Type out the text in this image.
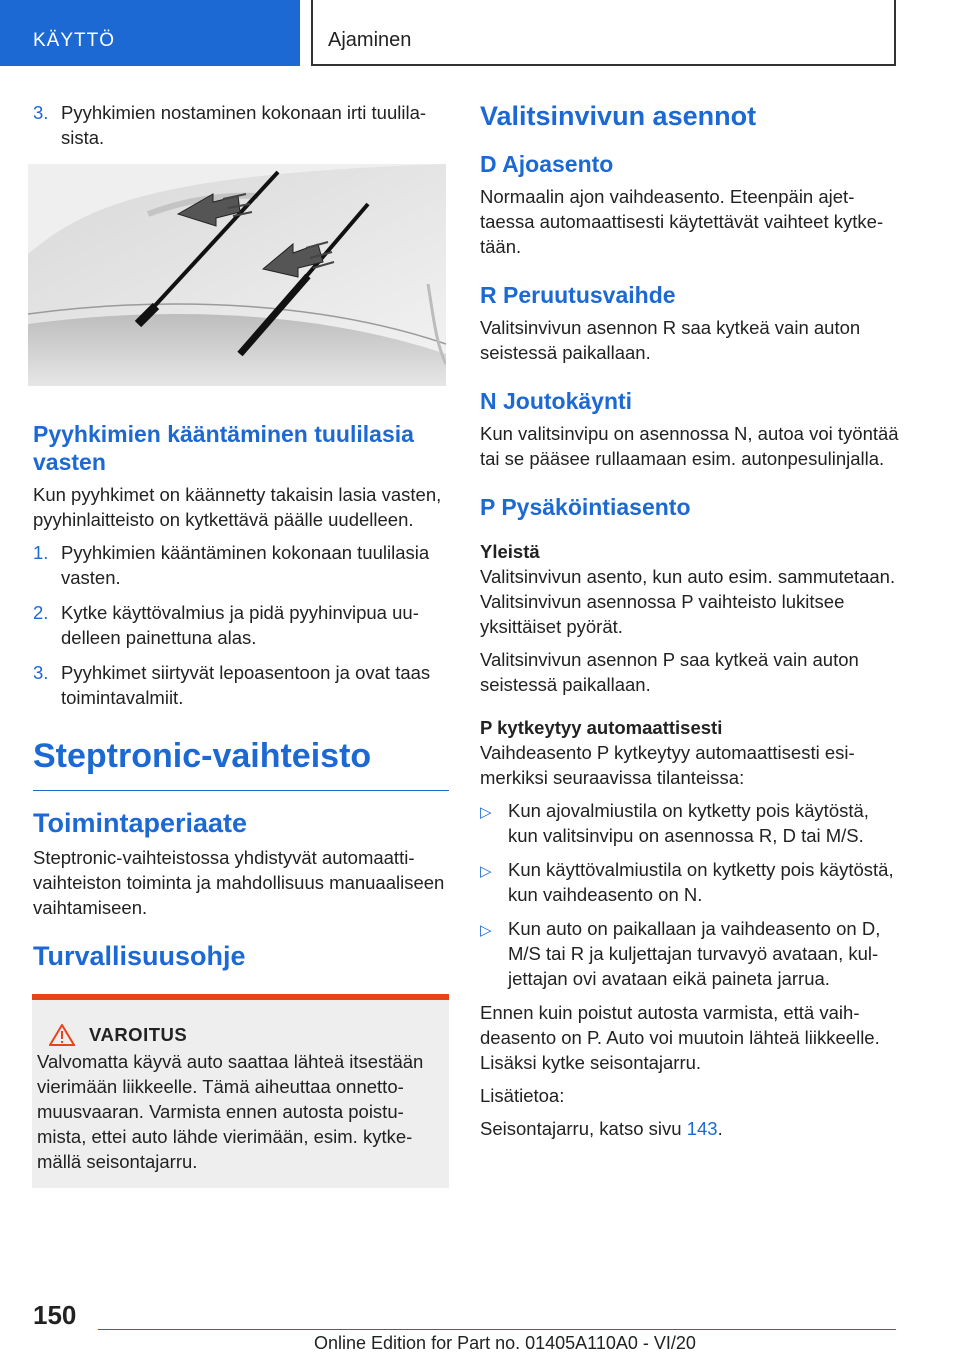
KÄYTTÖ	Ajaminen
3. Pyyhkimien nostaminen kokonaan irti tuulilasista.
Pyyhkimien kääntäminen tuulilasia vasten

Kun pyyhkimet on käännetty takaisin lasia vasten, pyyhinlaitteisto on kytkettävä päälle uudelleen.

1. Pyyhkimien kääntäminen kokonaan tuulilasia vasten.
2. Kytke käyttövalmius ja pidä pyyhinvipua uudelleen painettuna alas.
3. Pyyhkimet siirtyvät lepoasentoon ja ovat taas toimintavalmiit.
Steptronic-vaihteisto
Toimintaperiaate

Steptronic-vaihteistossa yhdistyvät automaattivaihteiston toiminta ja mahdollisuus manuaaliseen vaihtamiseen.

Turvallisuusohje
VAROITUS

Valvomatta käyvä auto saattaa lähteä itsestään vierimään liikkeelle. Tämä aiheuttaa onnettomuusvaaran. Varmista ennen autosta poistumista, ettei auto lähde vierimään, esim. kytkemällä seisontajarru.

Valitsinvivun asennot
D Ajoasento

Normaalin ajon vaihdeasento. Eteenpäin ajettaessa automaattisesti käytettävät vaihteet kytketään.

R Peruutusvaihde

Valitsinvivun asennon R saa kytkeä vain auton seistessä paikallaan.

N Joutokäynti

Kun valitsinvipu on asennossa N, autoa voi työntää tai se pääsee rullaamaan esim. autonpesulinjalla.

P Pysäköintiasento
Yleistä

Valitsinvivun asento, kun auto esim. sammutetaan. Valitsinvivun asennossa P vaihteisto lukitsee yksittäiset pyörät.

Valitsinvivun asennon P saa kytkeä vain auton seistessä paikallaan.

P kytkeytyy automaattisesti

Vaihdeasento P kytkeytyy automaattisesti esimerkiksi seuraavissa tilanteissa:

▷ Kun ajovalmiustila on kytketty pois käytöstä, kun valitsinvipu on asennossa R, D tai M/S.
▷ Kun käyttövalmiustila on kytketty pois käytöstä, kun vaihdeasento on N.
▷ Kun auto on paikallaan ja vaihdeasento on D, M/S tai R ja kuljettajan turvavyö avataan, kuljettajan ovi avataan eikä paineta jarrua.

Ennen kuin poistut autosta varmista, että vaihdeasento on P. Auto voi muutoin lähteä liikkeelle. Lisäksi kytke seisontajarru.

Lisätietoa:

Seisontajarru, katso sivu 143.

150
Online Edition for Part no. 01405A110A0 - VI/20
